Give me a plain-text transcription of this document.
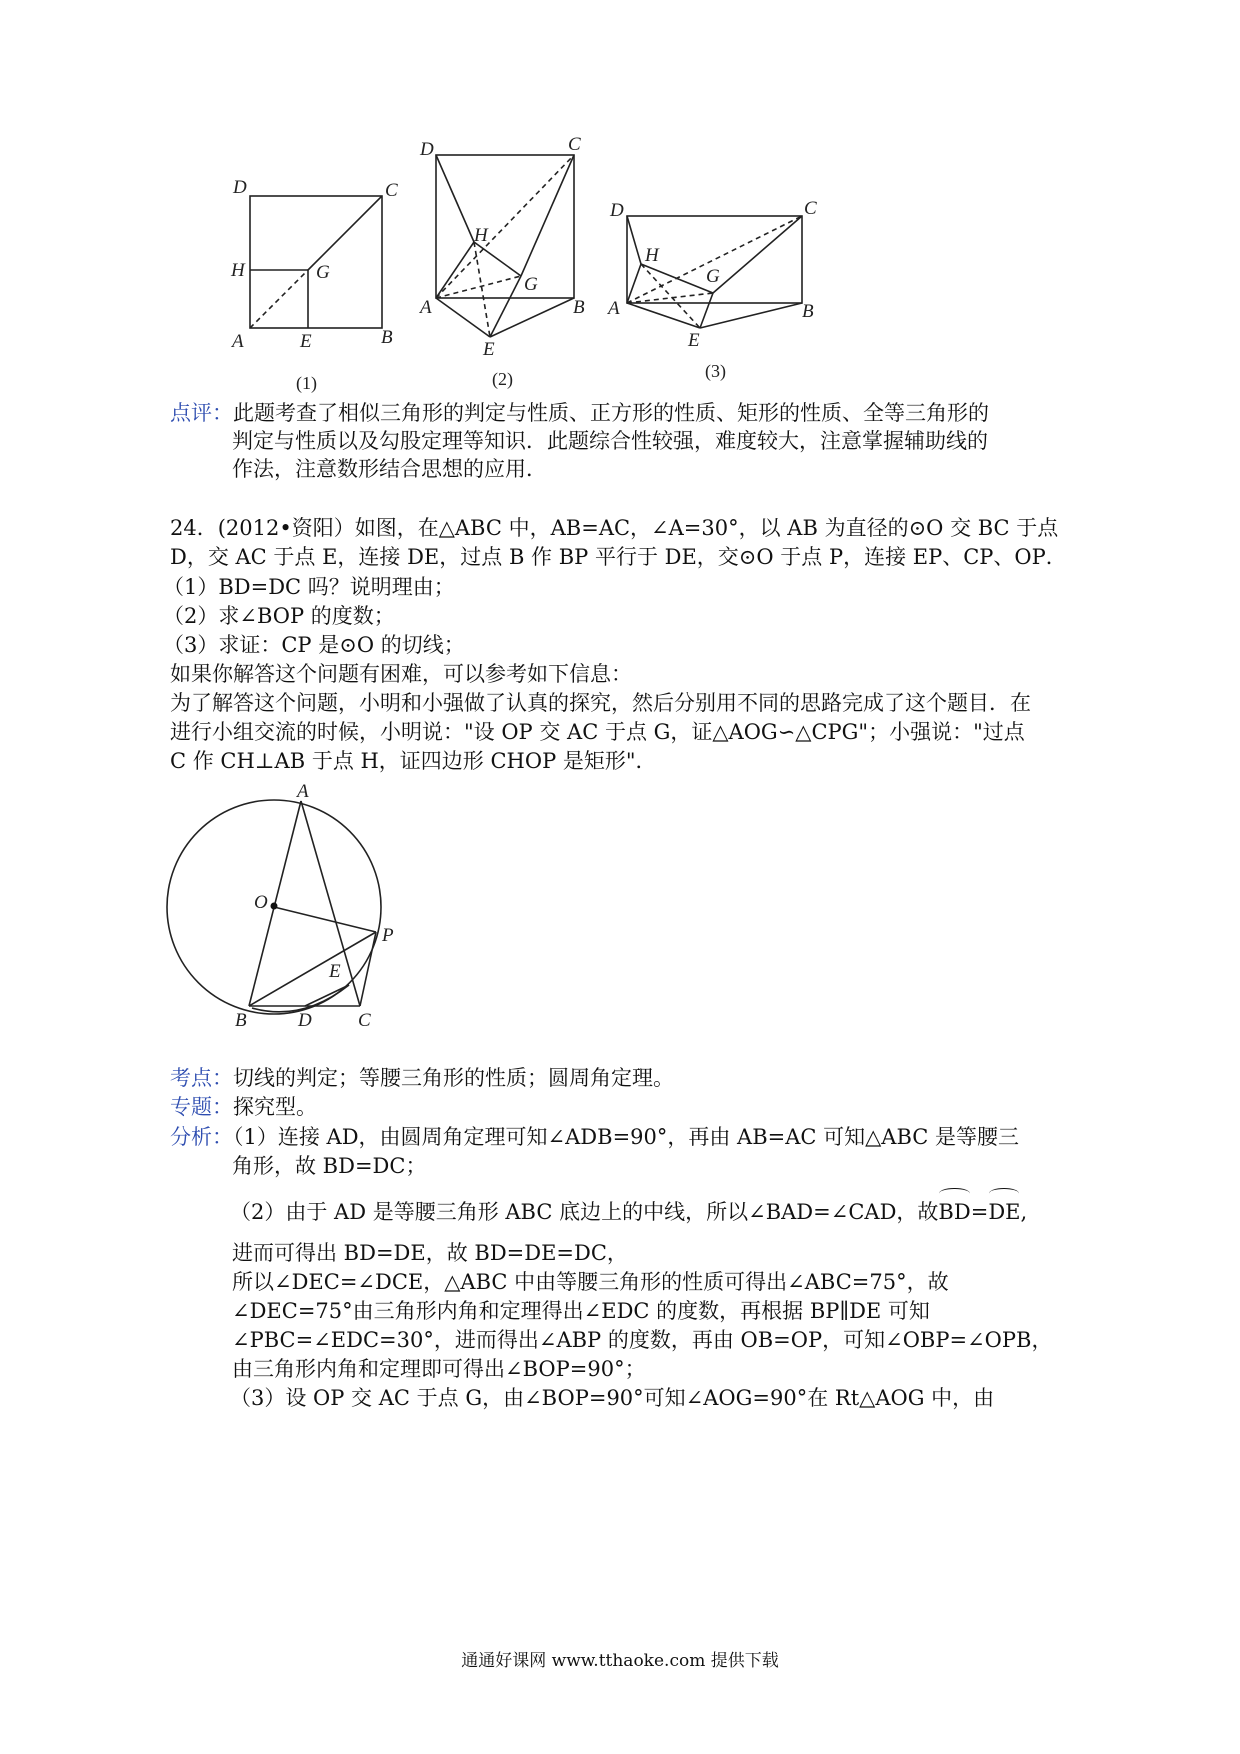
D	C
H	G
A	E	B
(1)
D	C
H
G
A	B
E
(2)
D	C
H
G
A	B
E
(3)
点评：此题考查了相似三角形的判定与性质、正方形的性质、矩形的性质、全等三角形的
判定与性质以及勾股定理等知识．此题综合性较强，难度较大，注意掌握辅助线的
作法，注意数形结合思想的应用．
24．(2012•资阳）如图，在△ABC 中，AB=AC，∠A=30°，以 AB 为直径的⊙O 交 BC 于点
D，交 AC 于点 E，连接 DE，过点 B 作 BP 平行于 DE，交⊙O 于点 P，连接 EP、CP、OP．
（1）BD=DC 吗？说明理由；
（2）求∠BOP 的度数；
（3）求证：CP 是⊙O 的切线；
如果你解答这个问题有困难，可以参考如下信息：
为了解答这个问题，小明和小强做了认真的探究，然后分别用不同的思路完成了这个题目．在
进行小组交流的时候，小明说："设 OP 交 AC 于点 G，证△AOG∽△CPG"；小强说："过点
C 作 CH⊥AB 于点 H，证四边形 CHOP 是矩形"．
A
O
P
E
B	D C
考点：切线的判定；等腰三角形的性质；圆周角定理。
专题：探究型。
分析：（1）连接 AD，由圆周角定理可知∠ADB=90°，再由 AB=AC 可知△ABC 是等腰三
角形，故 BD=DC；
（2）由于 AD 是等腰三角形 ABC 底边上的中线，所以∠BAD=∠CAD，故BD=DE,
进而可得出 BD=DE，故 BD=DE=DC，
所以∠DEC=∠DCE，△ABC 中由等腰三角形的性质可得出∠ABC=75°，故
∠DEC=75°由三角形内角和定理得出∠EDC 的度数，再根据 BP∥DE 可知
∠PBC=∠EDC=30°，进而得出∠ABP 的度数，再由 OB=OP，可知∠OBP=∠OPB，
由三角形内角和定理即可得出∠BOP=90°；
（3）设 OP 交 AC 于点 G，由∠BOP=90°可知∠AOG=90°在 Rt△AOG 中，由
通通好课网 www.tthaoke.com 提供下载
